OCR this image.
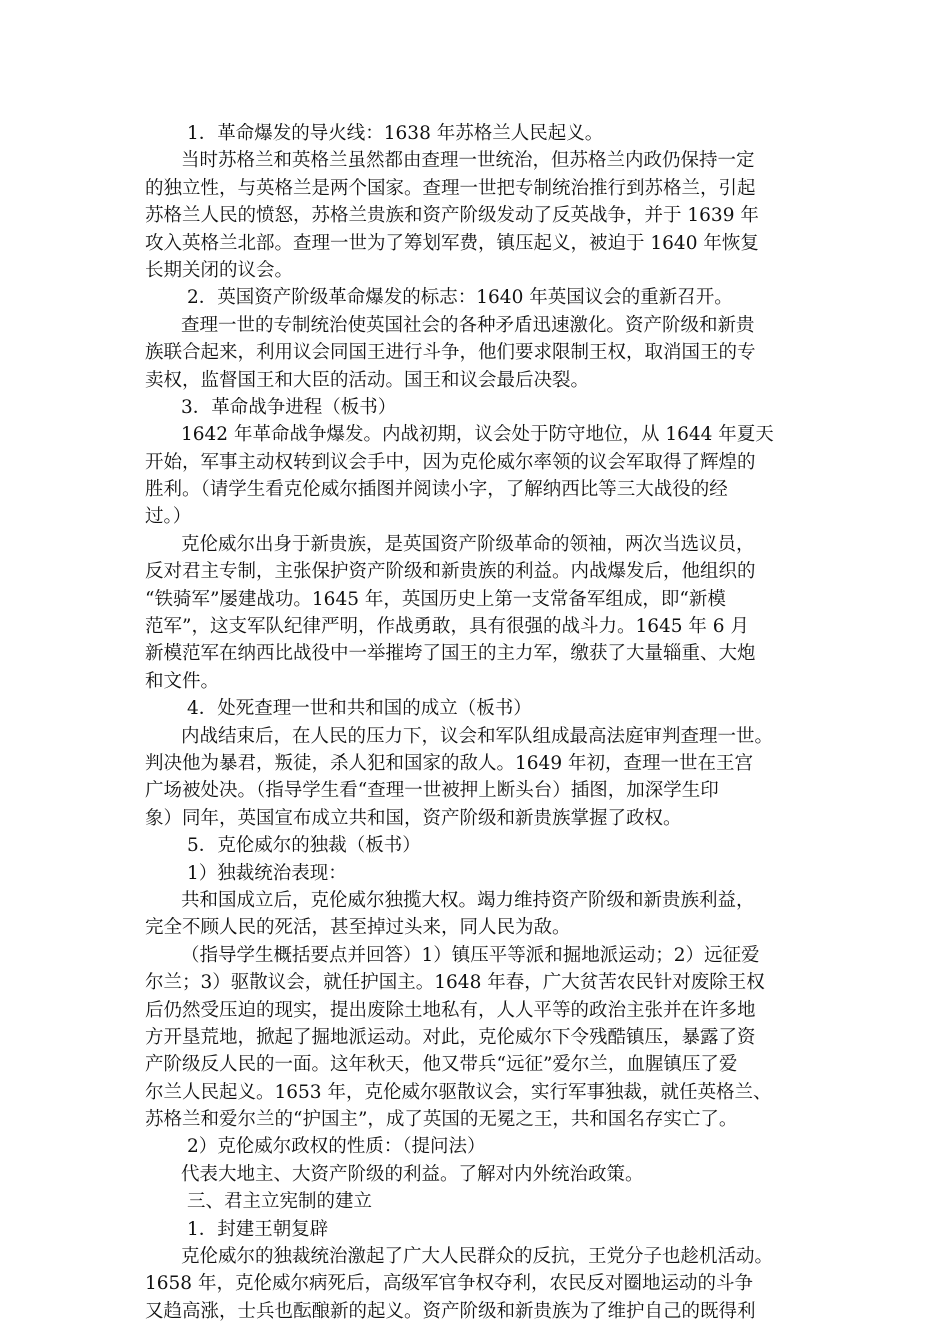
1．革命爆发的导火线：1638 年苏格兰人民起义。
当时苏格兰和英格兰虽然都由查理一世统治，但苏格兰内政仍保持一定
的独立性，与英格兰是两个国家。查理一世把专制统治推行到苏格兰，引起
苏格兰人民的愤怒，苏格兰贵族和资产阶级发动了反英战争，并于 1639 年
攻入英格兰北部。查理一世为了筹划军费，镇压起义，被迫于 1640 年恢复
长期关闭的议会。
2．英国资产阶级革命爆发的标志：1640 年英国议会的重新召开。
查理一世的专制统治使英国社会的各种矛盾迅速激化。资产阶级和新贵
族联合起来，利用议会同国王进行斗争，他们要求限制王权，取消国王的专
卖权，监督国王和大臣的活动。国王和议会最后决裂。
3．革命战争进程（板书）
1642 年革命战争爆发。内战初期，议会处于防守地位，从 1644 年夏天
开始，军事主动权转到议会手中，因为克伦威尔率领的议会军取得了辉煌的
胜利。（请学生看克伦威尔插图并阅读小字，了解纳西比等三大战役的经
过。）
克伦威尔出身于新贵族，是英国资产阶级革命的领袖，两次当选议员，
反对君主专制，主张保护资产阶级和新贵族的利益。内战爆发后，他组织的
“铁骑军”屡建战功。1645 年，英国历史上第一支常备军组成，即“新模
范军”，这支军队纪律严明，作战勇敢，具有很强的战斗力。1645 年 6 月
新模范军在纳西比战役中一举摧垮了国王的主力军，缴获了大量辎重、大炮
和文件。
4．处死查理一世和共和国的成立（板书）
内战结束后，在人民的压力下，议会和军队组成最高法庭审判查理一世。
判决他为暴君，叛徒，杀人犯和国家的敌人。1649 年初，查理一世在王宫
广场被处决。（指导学生看“查理一世被押上断头台）插图，加深学生印
象）同年，英国宣布成立共和国，资产阶级和新贵族掌握了政权。
5．克伦威尔的独裁（板书）
1）独裁统治表现：
共和国成立后，克伦威尔独揽大权。竭力维持资产阶级和新贵族利益，
完全不顾人民的死活，甚至掉过头来，同人民为敌。
（指导学生概括要点并回答）1）镇压平等派和掘地派运动；2）远征爱
尔兰；3）驱散议会，就任护国主。1648 年春，广大贫苦农民针对废除王权
后仍然受压迫的现实，提出废除土地私有，人人平等的政治主张并在许多地
方开垦荒地，掀起了掘地派运动。对此，克伦威尔下令残酷镇压，暴露了资
产阶级反人民的一面。这年秋天，他又带兵“远征”爱尔兰，血腥镇压了爱
尔兰人民起义。1653 年，克伦威尔驱散议会，实行军事独裁，就任英格兰、
苏格兰和爱尔兰的“护国主”，成了英国的无冕之王，共和国名存实亡了。
2）克伦威尔政权的性质：（提问法）
代表大地主、大资产阶级的利益。了解对内外统治政策。
三、君主立宪制的建立
1．封建王朝复辟
克伦威尔的独裁统治激起了广大人民群众的反抗，王党分子也趁机活动。
1658 年，克伦威尔病死后，高级军官争权夺利，农民反对圈地运动的斗争
又趋高涨，士兵也酝酿新的起义。资产阶级和新贵族为了维护自己的既得利
